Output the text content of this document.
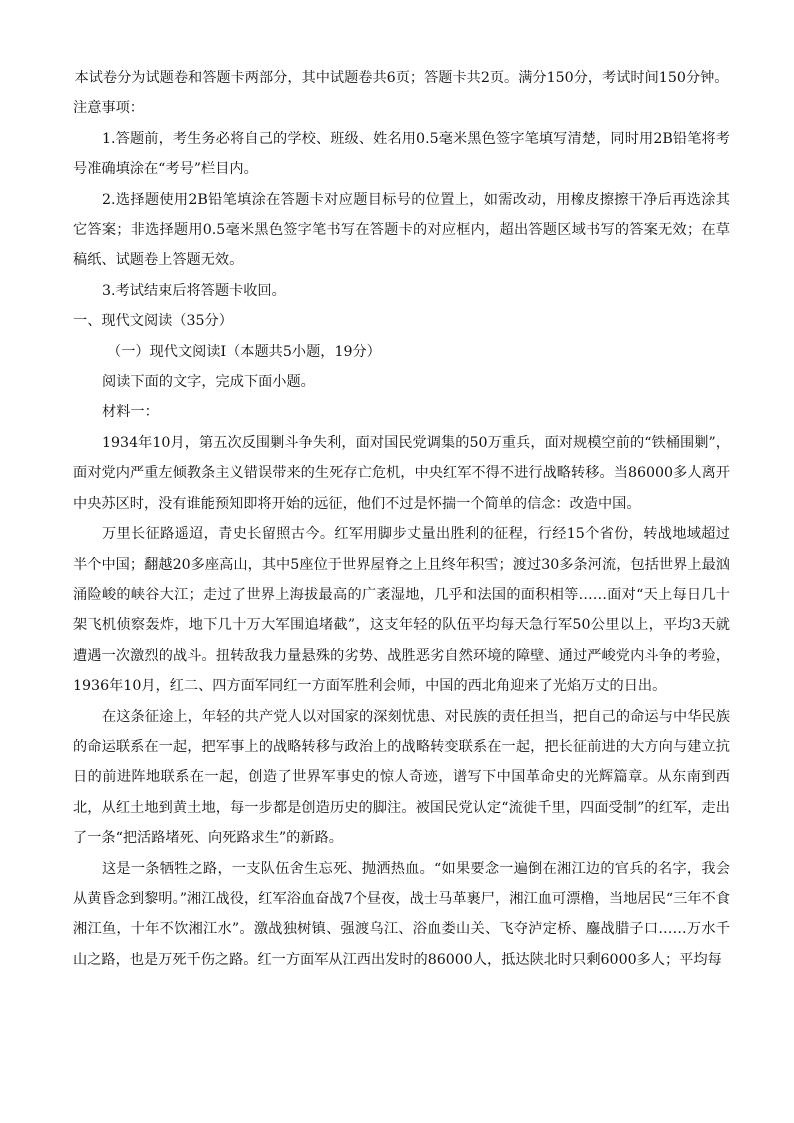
本试卷分为试题卷和答题卡两部分，其中试题卷共6页；答题卡共2页。满分150分，考试时间150分钟。

注意事项：

1.答题前，考生务必将自己的学校、班级、姓名用0.5毫米黑色签字笔填写清楚，同时用2B铅笔将考号准确填涂在“考号”栏目内。

2.选择题使用2B铅笔填涂在答题卡对应题目标号的位置上，如需改动，用橡皮擦擦干净后再选涂其它答案；非选择题用0.5毫米黑色签字笔书写在答题卡的对应框内，超出答题区域书写的答案无效；在草稿纸、试题卷上答题无效。

3.考试结束后将答题卡收回。

一、现代文阅读（35分）

（一）现代文阅读Ⅰ（本题共5小题，19分）

阅读下面的文字，完成下面小题。

材料一：

1934年10月，第五次反围剿斗争失利，面对国民党调集的50万重兵，面对规模空前的“铁桶围剿”，面对党内严重左倾教条主义错误带来的生死存亡危机，中央红军不得不进行战略转移。当86000多人离开中央苏区时，没有谁能预知即将开始的远征，他们不过是怀揣一个简单的信念：改造中国。

万里长征路遥迢，青史长留照古今。红军用脚步丈量出胜利的征程，行经15个省份，转战地域超过半个中国；翻越20多座高山，其中5座位于世界屋脊之上且终年积雪；渡过30多条河流，包括世界上最汹涌险峻的峡谷大江；走过了世界上海拔最高的广袤湿地，几乎和法国的面积相等……面对“天上每日几十架飞机侦察轰炸，地下几十万大军围追堵截”，这支年轻的队伍平均每天急行军50公里以上，平均3天就遭遇一次激烈的战斗。扭转敌我力量悬殊的劣势、战胜恶劣自然环境的障壁、通过严峻党内斗争的考验，1936年10月，红二、四方面军同红一方面军胜利会师，中国的西北角迎来了光焰万丈的日出。

在这条征途上，年轻的共产党人以对国家的深刻忧患、对民族的责任担当，把自己的命运与中华民族的命运联系在一起，把军事上的战略转移与政治上的战略转变联系在一起，把长征前进的大方向与建立抗日的前进阵地联系在一起，创造了世界军事史的惊人奇迹，谱写下中国革命史的光辉篇章。从东南到西北，从红土地到黄土地，每一步都是创造历史的脚注。被国民党认定“流徙千里，四面受制”的红军，走出了一条“把活路堵死、向死路求生”的新路。

这是一条牺牲之路，一支队伍舍生忘死、抛洒热血。“如果要念一遍倒在湘江边的官兵的名字，我会从黄昏念到黎明。”湘江战役，红军浴血奋战7个昼夜，战士马革裹尸，湘江血可漂橹，当地居民“三年不食湘江鱼，十年不饮湘江水”。激战独树镇、强渡乌江、浴血娄山关、飞夺泸定桥、鏖战腊子口……万水千山之路，也是万死千伤之路。红一方面军从江西出发时的86000人，抵达陕北时只剩6000多人；平均每
